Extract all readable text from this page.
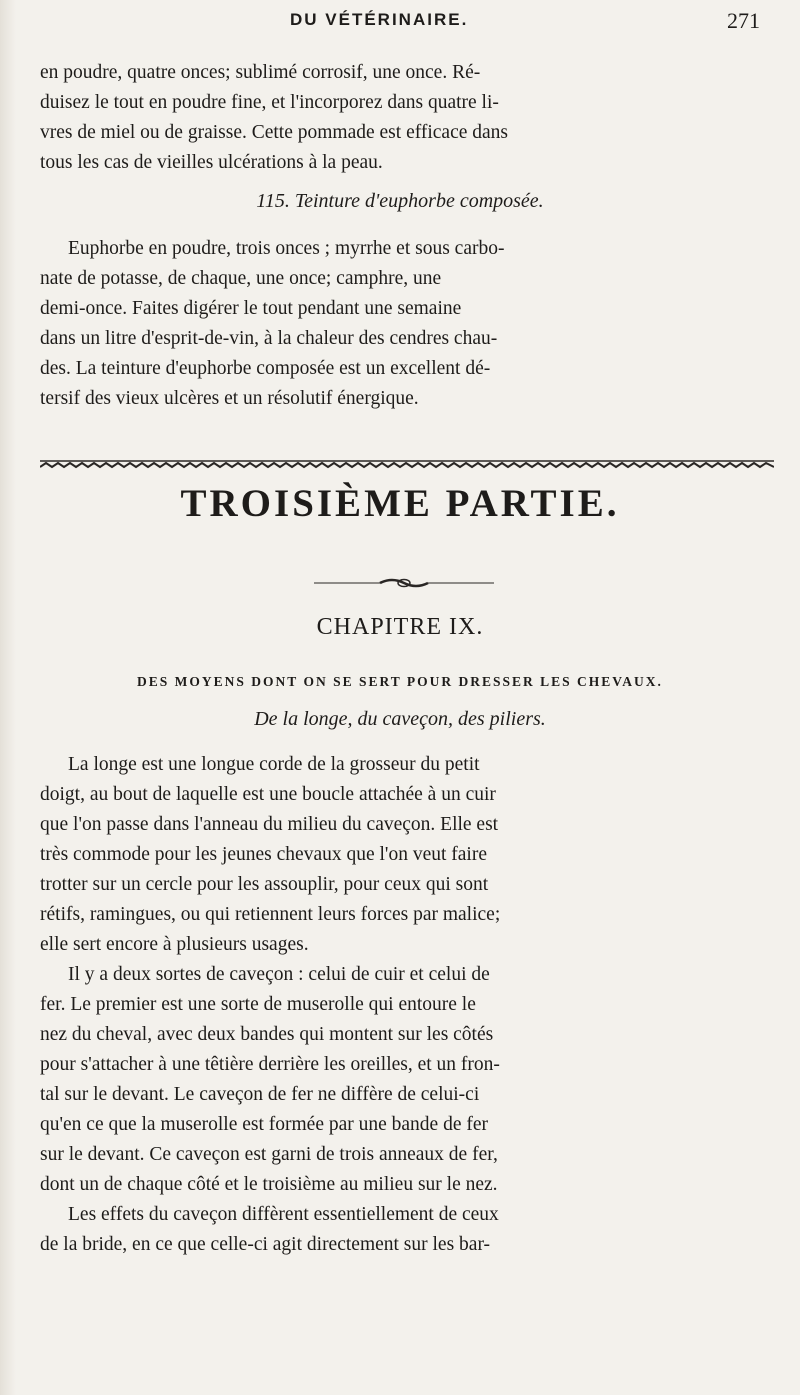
DU VÉTÉRINAIRE.	271
en poudre, quatre onces; sublimé corrosif, une once. Ré-
duisez le tout en poudre fine, et l'incorporez dans quatre li-
vres de miel ou de graisse. Cette pommade est efficace dans
tous les cas de vieilles ulcérations à la peau.
115. Teinture d'euphorbe composée.
Euphorbe en poudre, trois onces ; myrrhe et sous carbo-
nate de potasse, de chaque, une once; camphre, une
demi-once. Faites digérer le tout pendant une semaine
dans un litre d'esprit-de-vin, à la chaleur des cendres chau-
des. La teinture d'euphorbe composée est un excellent dé-
tersif des vieux ulcères et un résolutif énergique.
TROISIÈME PARTIE.
CHAPITRE IX.
DES MOYENS DONT ON SE SERT POUR DRESSER LES CHEVAUX.
De la longe, du caveçon, des piliers.
La longe est une longue corde de la grosseur du petit
doigt, au bout de laquelle est une boucle attachée à un cuir
que l'on passe dans l'anneau du milieu du caveçon. Elle est
très commode pour les jeunes chevaux que l'on veut faire
trotter sur un cercle pour les assouplir, pour ceux qui sont
rétifs, ramingues, ou qui retiennent leurs forces par malice;
elle sert encore à plusieurs usages.
Il y a deux sortes de caveçon : celui de cuir et celui de
fer. Le premier est une sorte de muserolle qui entoure le
nez du cheval, avec deux bandes qui montent sur les côtés
pour s'attacher à une têtière derrière les oreilles, et un fron-
tal sur le devant. Le caveçon de fer ne diffère de celui-ci
qu'en ce que la muserolle est formée par une bande de fer
sur le devant. Ce caveçon est garni de trois anneaux de fer,
dont un de chaque côté et le troisième au milieu sur le nez.
Les effets du caveçon diffèrent essentiellement de ceux
de la bride, en ce que celle-ci agit directement sur les bar-
